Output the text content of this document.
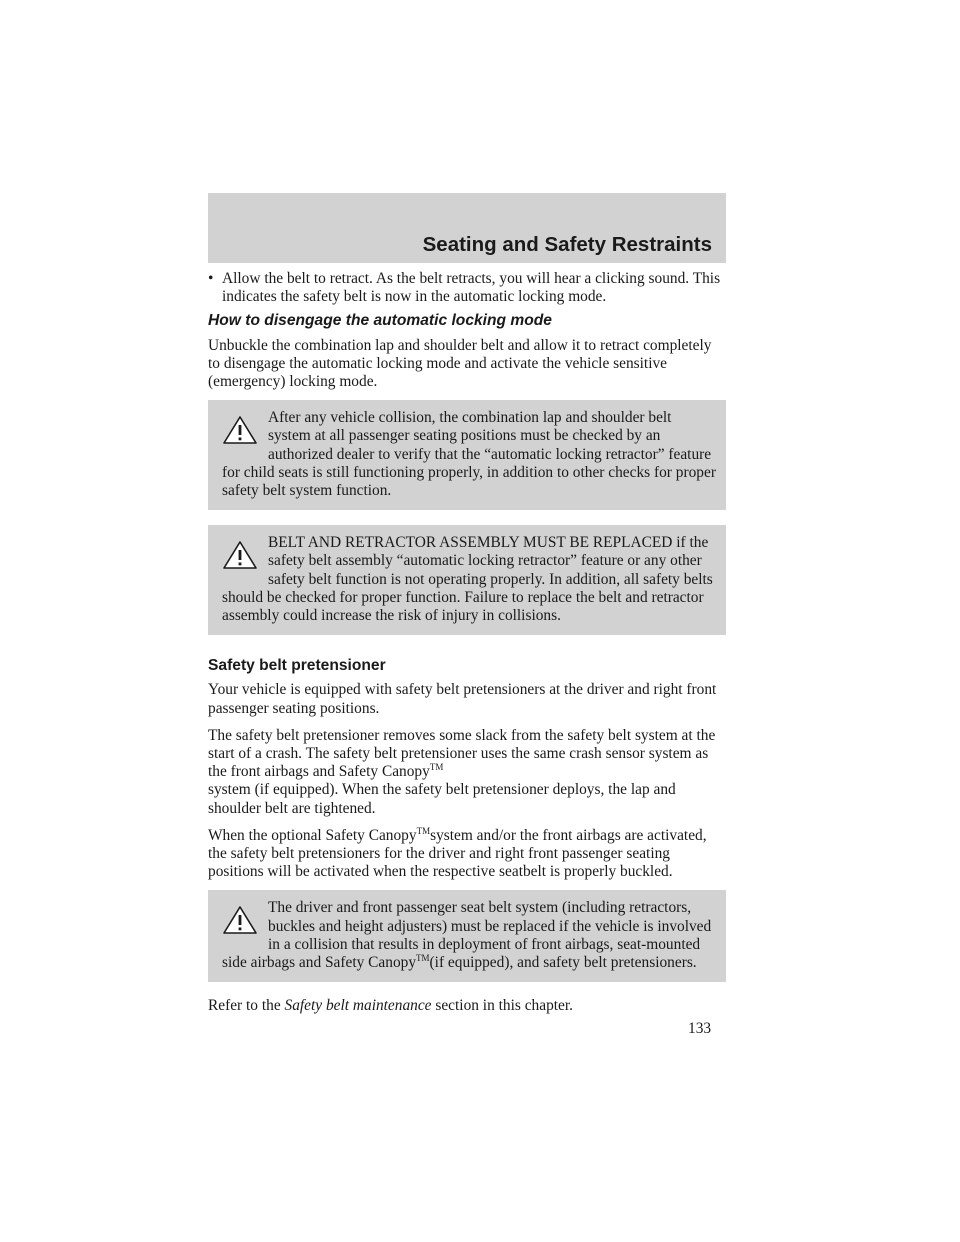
Seating and Safety Restraints
• Allow the belt to retract. As the belt retracts, you will hear a clicking sound. This indicates the safety belt is now in the automatic locking mode.
How to disengage the automatic locking mode

Unbuckle the combination lap and shoulder belt and allow it to retract completely to disengage the automatic locking mode and activate the vehicle sensitive (emergency) locking mode.

After any vehicle collision, the combination lap and shoulder belt system at all passenger seating positions must be checked by an authorized dealer to verify that the “automatic locking retractor” feature for child seats is still functioning properly, in addition to other checks for proper safety belt system function.
BELT AND RETRACTOR ASSEMBLY MUST BE REPLACED if the safety belt assembly “automatic locking retractor” feature or any other safety belt function is not operating properly. In addition, all safety belts should be checked for proper function. Failure to replace the belt and retractor assembly could increase the risk of injury in collisions.
Safety belt pretensioner

Your vehicle is equipped with safety belt pretensioners at the driver and right front passenger seating positions.

The safety belt pretensioner removes some slack from the safety belt system at the start of a crash. The safety belt pretensioner uses the same crash sensor system as the front airbags and Safety Canopy™
system (if equipped). When the safety belt pretensioner deploys, the lap and shoulder belt are tightened.

When the optional Safety Canopy™system and/or the front airbags are activated, the safety belt pretensioners for the driver and right front passenger seating positions will be activated when the respective seatbelt is properly buckled.

The driver and front passenger seat belt system (including retractors, buckles and height adjusters) must be replaced if the vehicle is involved in a collision that results in deployment of front airbags, seat-mounted side airbags and Safety Canopy™(if equipped), and safety belt pretensioners.

Refer to the Safety belt maintenance section in this chapter.

133
